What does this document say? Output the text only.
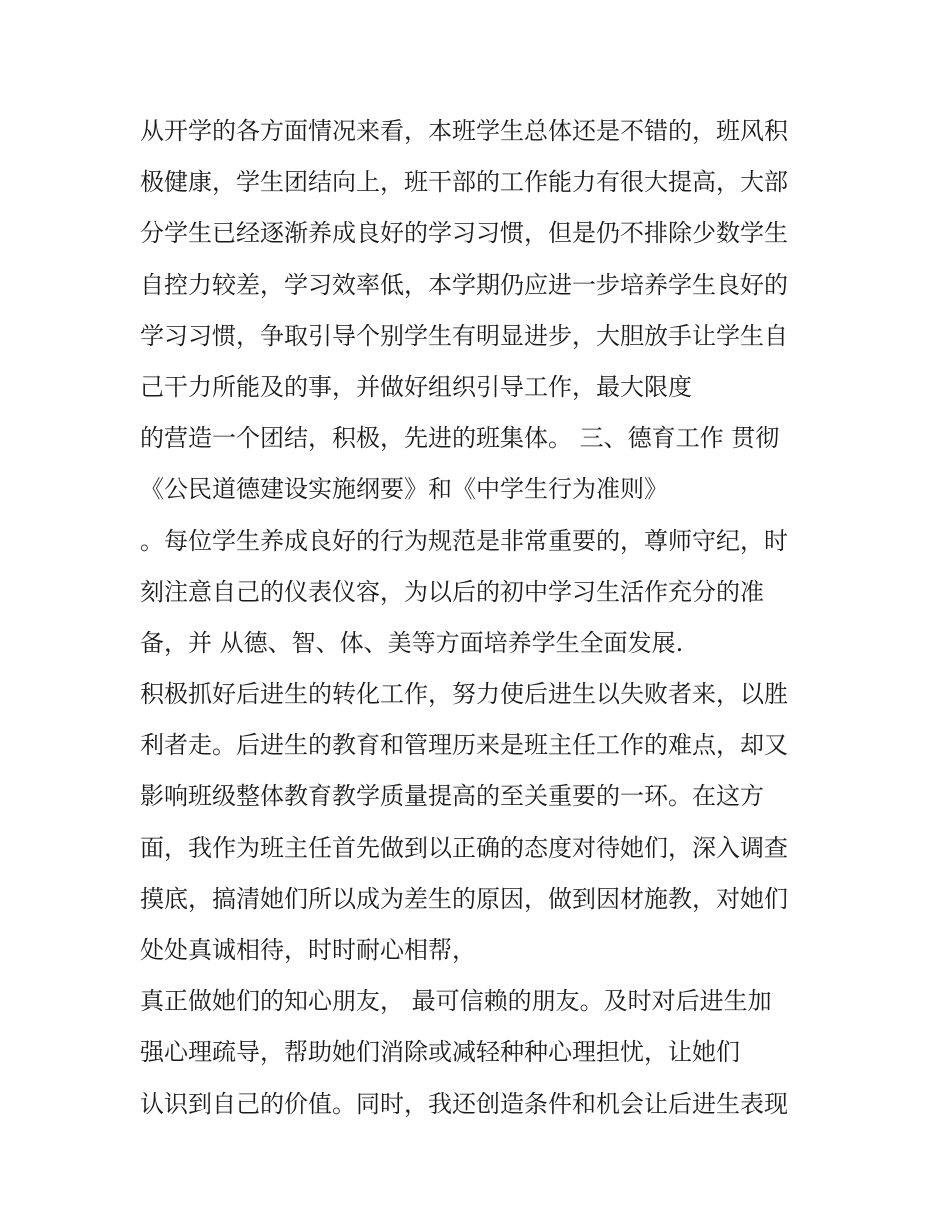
从开学的各方面情况来看，本班学生总体还是不错的，班风积
极健康，学生团结向上，班干部的工作能力有很大提高，大部
分学生已经逐渐养成良好的学习习惯，但是仍不排除少数学生
自控力较差，学习效率低，本学期仍应进一步培养学生良好的
学习习惯，争取引导个别学生有明显进步，大胆放手让学生自
己干力所能及的事，并做好组织引导工作，最大限度
的营造一个团结，积极，先进的班集体。 三、德育工作 贯彻
《公民道德建设实施纲要》和《中学生行为准则》
。每位学生养成良好的行为规范是非常重要的，尊师守纪，时
刻注意自己的仪表仪容，为以后的初中学习生活作充分的准
备，并 从德、智、体、美等方面培养学生全面发展.
积极抓好后进生的转化工作，努力使后进生以失败者来，以胜
利者走。后进生的教育和管理历来是班主任工作的难点，却又
影响班级整体教育教学质量提高的至关重要的一环。在这方
面，我作为班主任首先做到以正确的态度对待她们，深入调查
摸底，搞清她们所以成为差生的原因，做到因材施教，对她们
处处真诚相待，时时耐心相帮，
真正做她们的知心朋友， 最可信赖的朋友。及时对后进生加
强心理疏导，帮助她们消除或减轻种种心理担忧，让她们
认识到自己的价值。同时，我还创造条件和机会让后进生表现
